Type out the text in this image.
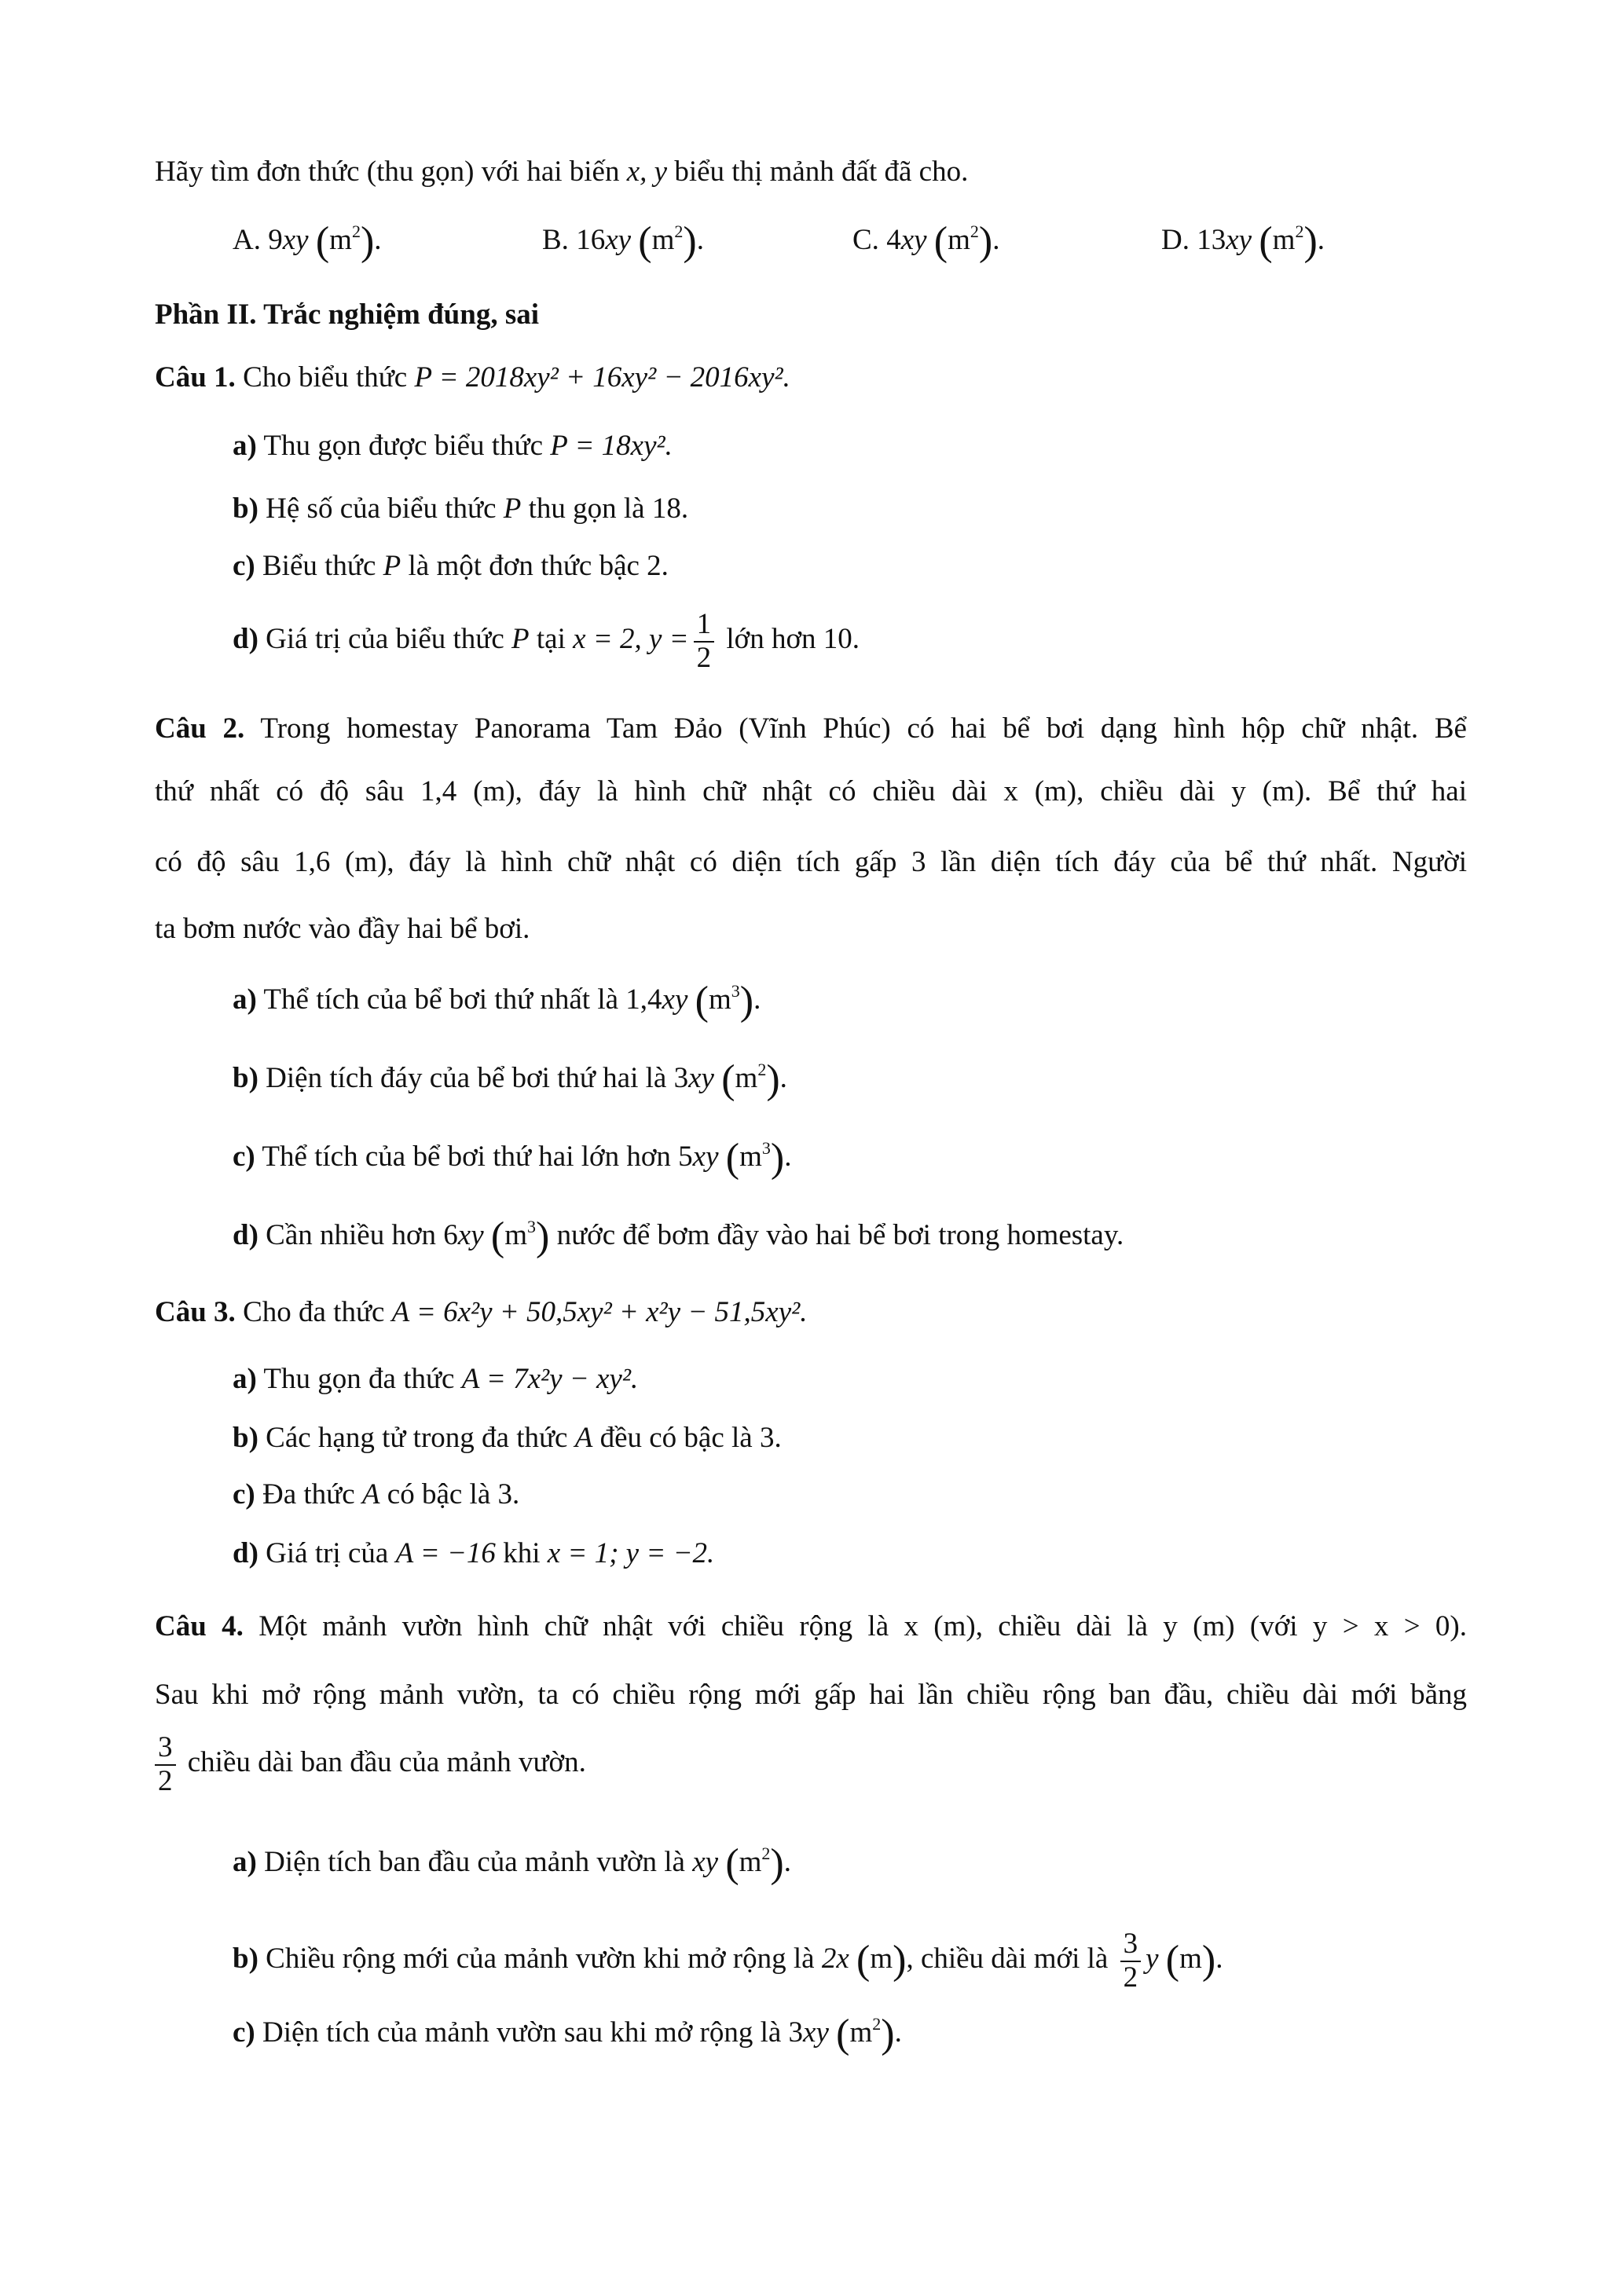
Hãy tìm đơn thức (thu gọn) với hai biến x, y biểu thị mảnh đất đã cho.
A. 9xy $(m^2)$.	B. 16xy $(m^2)$.	C. 4xy $(m^2)$.	D. 13xy $(m^2)$.
Phần II. Trắc nghiệm đúng, sai
Câu 1. Cho biểu thức P = 2018xy² + 16xy² − 2016xy².
a) Thu gọn được biểu thức P = 18xy².
b) Hệ số của biểu thức P thu gọn là 18.
c) Biểu thức P là một đơn thức bậc 2.
d) Giá trị của biểu thức P tại x = 2, $y = \frac{1}{2}$ lớn hơn 10.
Câu 2. Trong homestay Panorama Tam Đảo (Vĩnh Phúc) có hai bể bơi dạng hình hộp chữ nhật. Bể
thứ nhất có độ sâu 1,4 (m), đáy là hình chữ nhật có chiều dài x (m), chiều dài y (m). Bể thứ hai
có độ sâu 1,6 (m), đáy là hình chữ nhật có diện tích gấp 3 lần diện tích đáy của bể thứ nhất. Người
ta bơm nước vào đầy hai bể bơi.
a) Thể tích của bể bơi thứ nhất là 1,4xy $(m^3)$.
b) Diện tích đáy của bể bơi thứ hai là 3xy $(m^2)$.
c) Thể tích của bể bơi thứ hai lớn hơn 5xy $(m^3)$.
d) Cần nhiều hơn 6xy $(m^3)$ nước để bơm đầy vào hai bể bơi trong homestay.
Câu 3. Cho đa thức A = 6x²y + 50,5xy² + x²y − 51,5xy².
a) Thu gọn đa thức A = 7x²y − xy².
b) Các hạng tử trong đa thức A đều có bậc là 3.
c) Đa thức A có bậc là 3.
d) Giá trị của A = −16 khi x = 1; y = −2.
Câu 4. Một mảnh vườn hình chữ nhật với chiều rộng là x (m), chiều dài là y (m) (với y > x > 0).
Sau khi mở rộng mảnh vườn, ta có chiều rộng mới gấp hai lần chiều rộng ban đầu, chiều dài mới bằng
$\frac{3}{2}$ chiều dài ban đầu của mảnh vườn.
a) Diện tích ban đầu của mảnh vườn là xy $(m^2)$.
b) Chiều rộng mới của mảnh vườn khi mở rộng là 2x (m), chiều dài mới là $\frac{3}{2}$ y (m).
c) Diện tích của mảnh vườn sau khi mở rộng là 3xy $(m^2)$.
